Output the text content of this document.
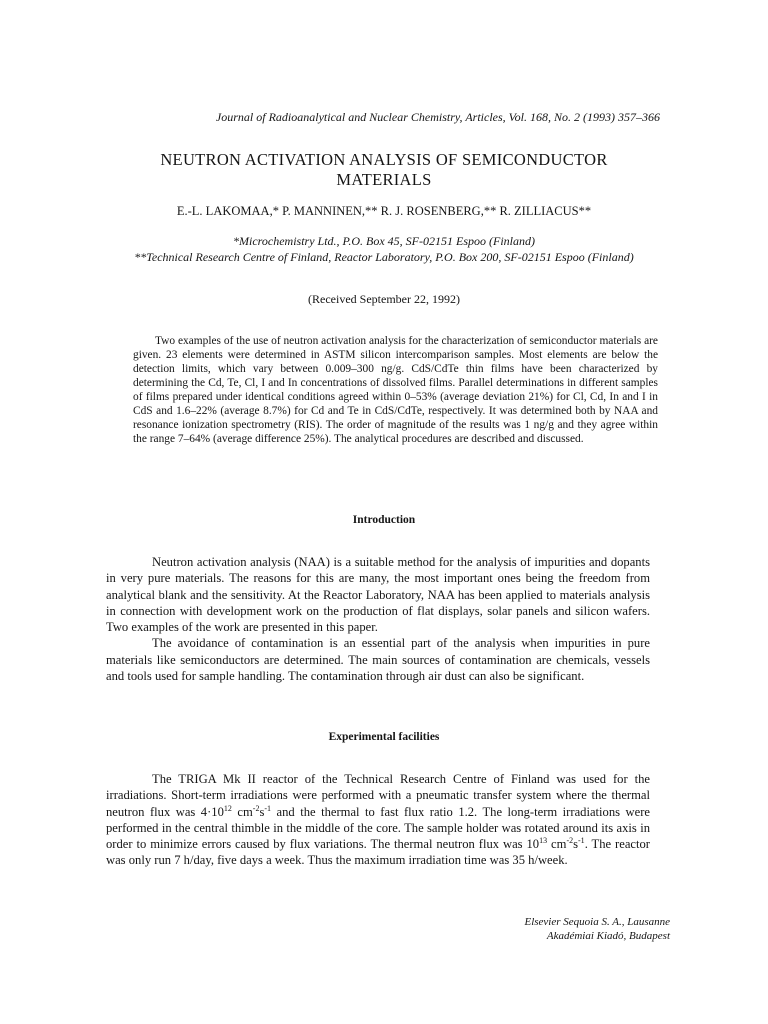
Journal of Radioanalytical and Nuclear Chemistry, Articles, Vol. 168, No. 2 (1993) 357–366
NEUTRON ACTIVATION ANALYSIS OF SEMICONDUCTOR
MATERIALS
E.-L. LAKOMAA,* P. MANNINEN,** R. J. ROSENBERG,** R. ZILLIACUS**
*Microchemistry Ltd., P.O. Box 45, SF-02151 Espoo (Finland)
**Technical Research Centre of Finland, Reactor Laboratory, P.O. Box 200, SF-02151 Espoo (Finland)
(Received September 22, 1992)

Two examples of the use of neutron activation analysis for the characterization of semiconductor materials are given. 23 elements were determined in ASTM silicon intercomparison samples. Most elements are below the detection limits, which vary between 0.009–300 ng/g. CdS/CdTe thin films have been characterized by determining the Cd, Te, Cl, I and In concentrations of dissolved films. Parallel determinations in different samples of films prepared under identical conditions agreed within 0–53% (average deviation 21%) for Cl, Cd, In and I in CdS and 1.6–22% (average 8.7%) for Cd and Te in CdS/CdTe, respectively. It was determined both by NAA and resonance ionization spectrometry (RIS). The order of magnitude of the results was 1 ng/g and they agree within the range 7–64% (average difference 25%). The analytical procedures are described and discussed.

Introduction

Neutron activation analysis (NAA) is a suitable method for the analysis of impurities and dopants in very pure materials. The reasons for this are many, the most important ones being the freedom from analytical blank and the sensitivity. At the Reactor Laboratory, NAA has been applied to materials analysis in connection with development work on the production of flat displays, solar panels and silicon wafers. Two examples of the work are presented in this paper.

The avoidance of contamination is an essential part of the analysis when impurities in pure materials like semiconductors are determined. The main sources of contamination are chemicals, vessels and tools used for sample handling. The contamination through air dust can also be significant.

Experimental facilities

The TRIGA Mk II reactor of the Technical Research Centre of Finland was used for the irradiations. Short-term irradiations were performed with a pneumatic transfer system where the thermal neutron flux was $4\cdot 10^{12}$ $cm^{-2}s^{-1}$ and the thermal to fast flux ratio 1.2. The long-term irradiations were performed in the central thimble in the middle of the core. The sample holder was rotated around its axis in order to minimize errors caused by flux variations. The thermal neutron flux was $10^{13}$ $cm^{-2}s^{-1}$. The reactor was only run 7 h/day, five days a week. Thus the maximum irradiation time was 35 h/week.

Elsevier Sequoia S. A., Lausanne
Akadémiai Kiadó, Budapest
